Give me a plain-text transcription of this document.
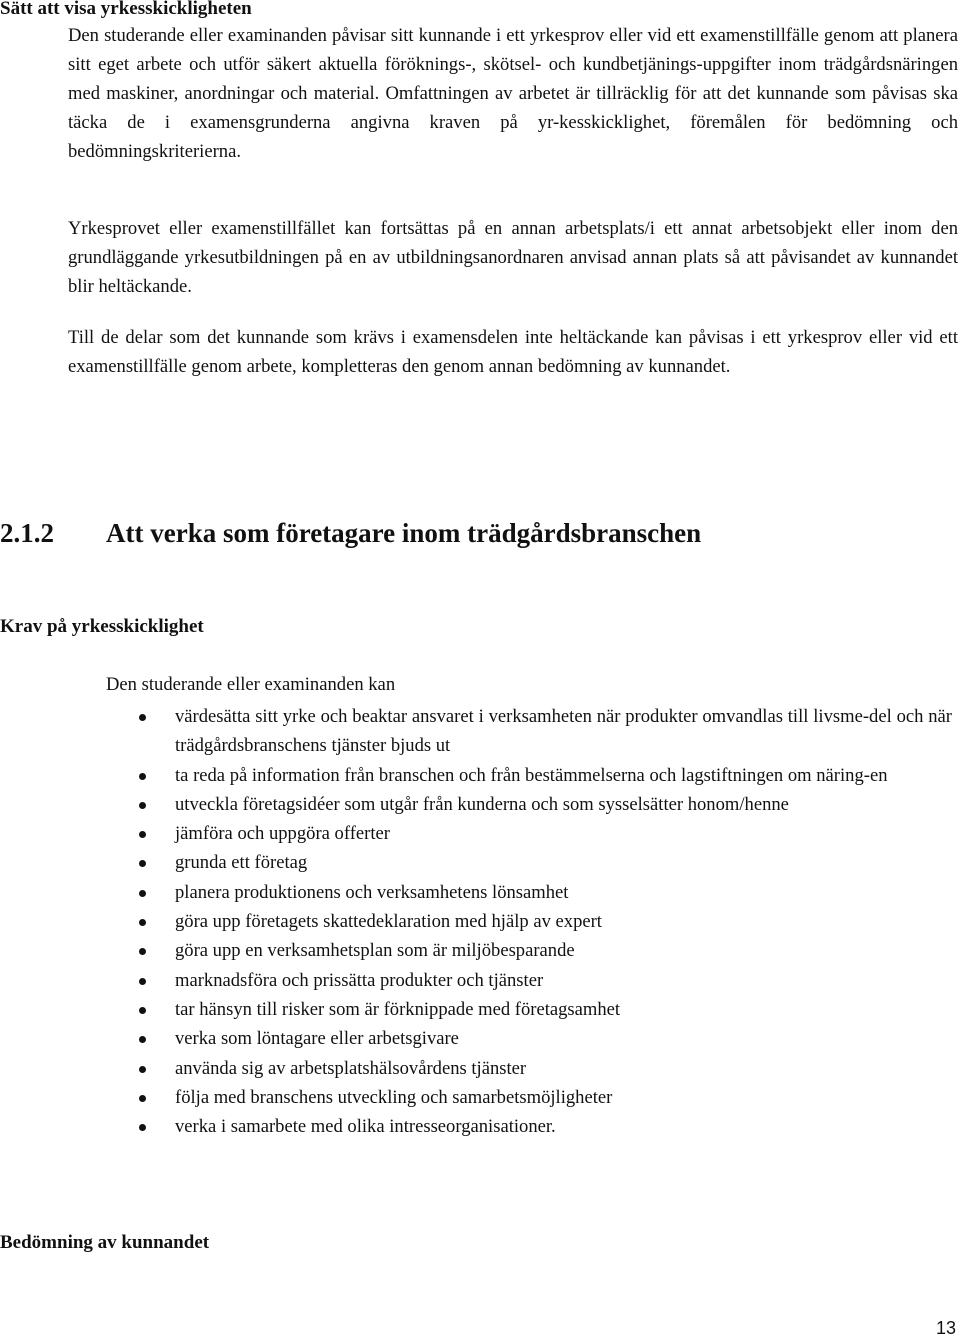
Sätt att visa yrkesskickligheten

Den studerande eller examinanden påvisar sitt kunnande i ett yrkesprov eller vid ett examenstillfälle genom att planera sitt eget arbete och utför säkert aktuella föröknings-, skötsel- och kundbetjänings-uppgifter inom trädgårdsnäringen med maskiner, anordningar och material. Omfattningen av arbetet är tillräcklig för att det kunnande som påvisas ska täcka de i examensgrunderna angivna kraven på yr-kesskicklighet, föremålen för bedömning och bedömningskriterierna.

Yrkesprovet eller examenstillfället kan fortsättas på en annan arbetsplats/i ett annat arbetsobjekt eller inom den grundläggande yrkesutbildningen på en av utbildningsanordnaren anvisad annan plats så att påvisandet av kunnandet blir heltäckande.

Till de delar som det kunnande som krävs i examensdelen inte heltäckande kan påvisas i ett yrkesprov eller vid ett examenstillfälle genom arbete, kompletteras den genom annan bedömning av kunnandet.

2.1.2 Att verka som företagare inom trädgårdsbranschen
Krav på yrkesskicklighet
Den studerande eller examinanden kan
värdesätta sitt yrke och beaktar ansvaret i verksamheten när produkter omvandlas till livsme-del och när trädgårdsbranschens tjänster bjuds ut
ta reda på information från branschen och från bestämmelserna och lagstiftningen om näring-en
utveckla företagsidéer som utgår från kunderna och som sysselsätter honom/henne
jämföra och uppgöra offerter
grunda ett företag
planera produktionens och verksamhetens lönsamhet
göra upp företagets skattedeklaration med hjälp av expert
göra upp en verksamhetsplan som är miljöbesparande
marknadsföra och prissätta produkter och tjänster
tar hänsyn till risker som är förknippade med företagsamhet
verka som löntagare eller arbetsgivare
använda sig av arbetsplatshälsovårdens tjänster
följa med branschens utveckling och samarbetsmöjligheter
verka i samarbete med olika intresseorganisationer.
Bedömning av kunnandet
13
